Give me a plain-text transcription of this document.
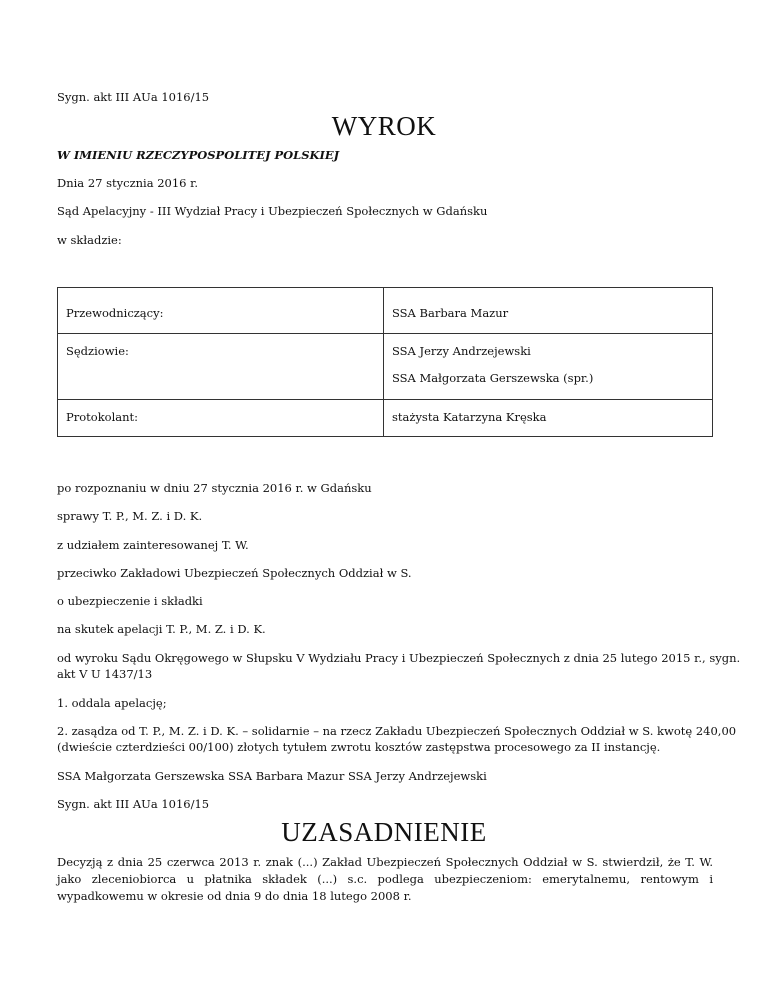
Sygn. akt III AUa 1016/15
WYROK
W IMIENIU RZECZYPOSPOLITEJ POLSKIEJ
Dnia 27 stycznia 2016 r.
Sąd Apelacyjny - III Wydział Pracy i Ubezpieczeń Społecznych w Gdańsku
w składzie:
Przewodniczący:	SSA Barbara Mazur
Sędziowie:	SSA Jerzy Andrzejewski
SSA Małgorzata Gerszewska (spr.)

Protokolant:	stażysta Katarzyna Kręska
po rozpoznaniu w dniu 27 stycznia 2016 r. w Gdańsku
sprawy T. P., M. Z. i D. K.
z udziałem zainteresowanej T. W.
przeciwko Zakładowi Ubezpieczeń Społecznych Oddział w S.
o ubezpieczenie i składki
na skutek apelacji T. P., M. Z. i D. K.
od wyroku Sądu Okręgowego w Słupsku V Wydziału Pracy i Ubezpieczeń Społecznych z dnia 25 lutego 2015 r., sygn.
akt V U 1437/13
1. oddala apelację;
2. zasądza od T. P., M. Z. i D. K. – solidarnie – na rzecz Zakładu Ubezpieczeń Społecznych Oddział w S. kwotę 240,00
(dwieście czterdzieści 00/100) złotych tytułem zwrotu kosztów zastępstwa procesowego za II instancję.
SSA Małgorzata Gerszewska SSA Barbara Mazur SSA Jerzy Andrzejewski
Sygn. akt III AUa 1016/15
UZASADNIENIE
Decyzją z dnia 25 czerwca 2013 r. znak (...) Zakład Ubezpieczeń Społecznych Oddział w S. stwierdził, że T. W. jako zleceniobiorca u płatnika składek (...) s.c. podlega ubezpieczeniom: emerytalnemu, rentowym i wypadkowemu w okresie od dnia 9 do dnia 18 lutego 2008 r.
